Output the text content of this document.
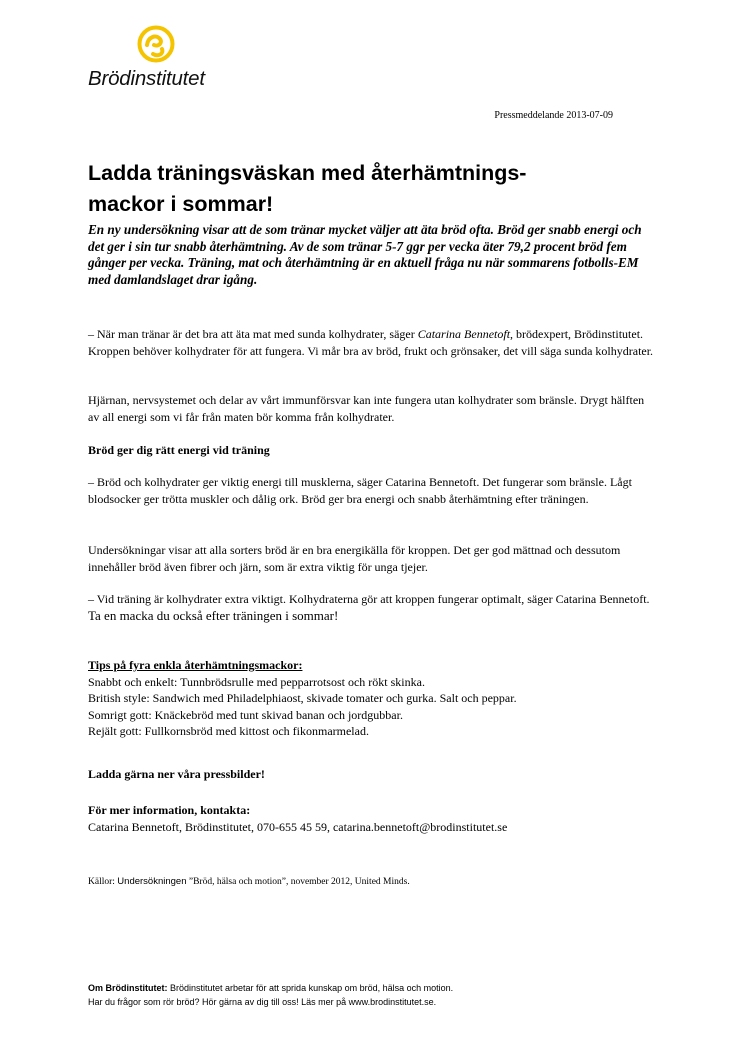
Brödinstitutet
Pressmeddelande 2013-07-09
Ladda träningsväskan med återhämtnings-
mackor i sommar!

En ny undersökning visar att de som tränar mycket väljer att äta bröd ofta. Bröd ger snabb energi och det ger i sin tur snabb återhämtning. Av de som tränar 5-7 ggr per vecka äter 79,2 procent bröd fem gånger per vecka. Träning, mat och återhämtning är en aktuell fråga nu när sommarens fotbolls-EM med damlandslaget drar igång.

– När man tränar är det bra att äta mat med sunda kolhydrater, säger Catarina Bennetoft, brödexpert, Brödinstitutet. Kroppen behöver kolhydrater för att fungera. Vi mår bra av bröd, frukt och grönsaker, det vill säga sunda kolhydrater.

Hjärnan, nervsystemet och delar av vårt immunförsvar kan inte fungera utan kolhydrater som bränsle. Drygt hälften av all energi som vi får från maten bör komma från kolhydrater.

Bröd ger dig rätt energi vid träning

– Bröd och kolhydrater ger viktig energi till musklerna, säger Catarina Bennetoft. Det fungerar som bränsle. Lågt blodsocker ger trötta muskler och dålig ork. Bröd ger bra energi och snabb återhämtning efter träningen.

Undersökningar visar att alla sorters bröd är en bra energikälla för kroppen. Det ger god mättnad och dessutom innehåller bröd även fibrer och järn, som är extra viktig för unga tjejer.

– Vid träning är kolhydrater extra viktigt. Kolhydraterna gör att kroppen fungerar optimalt, säger Catarina Bennetoft. Ta en macka du också efter träningen i sommar!

Tips på fyra enkla återhämtningsmackor:
Snabbt och enkelt: Tunnbrödsrulle med pepparrotsost och rökt skinka.
British style: Sandwich med Philadelphiaost, skivade tomater och gurka. Salt och peppar.
Somrigt gott: Knäckebröd med tunt skivad banan och jordgubbar.
Rejält gott: Fullkornsbröd med kittost och fikonmarmelad.

Ladda gärna ner våra pressbilder!

För mer information, kontakta:
Catarina Bennetoft, Brödinstitutet, 070-655 45 59, catarina.bennetoft@brodinstitutet.se
Källor: Undersökningen ”Bröd, hälsa och motion”, november 2012, United Minds.
Om Brödinstitutet: Brödinstitutet arbetar för att sprida kunskap om bröd, hälsa och motion.
Har du frågor som rör bröd? Hör gärna av dig till oss! Läs mer på www.brodinstitutet.se.
